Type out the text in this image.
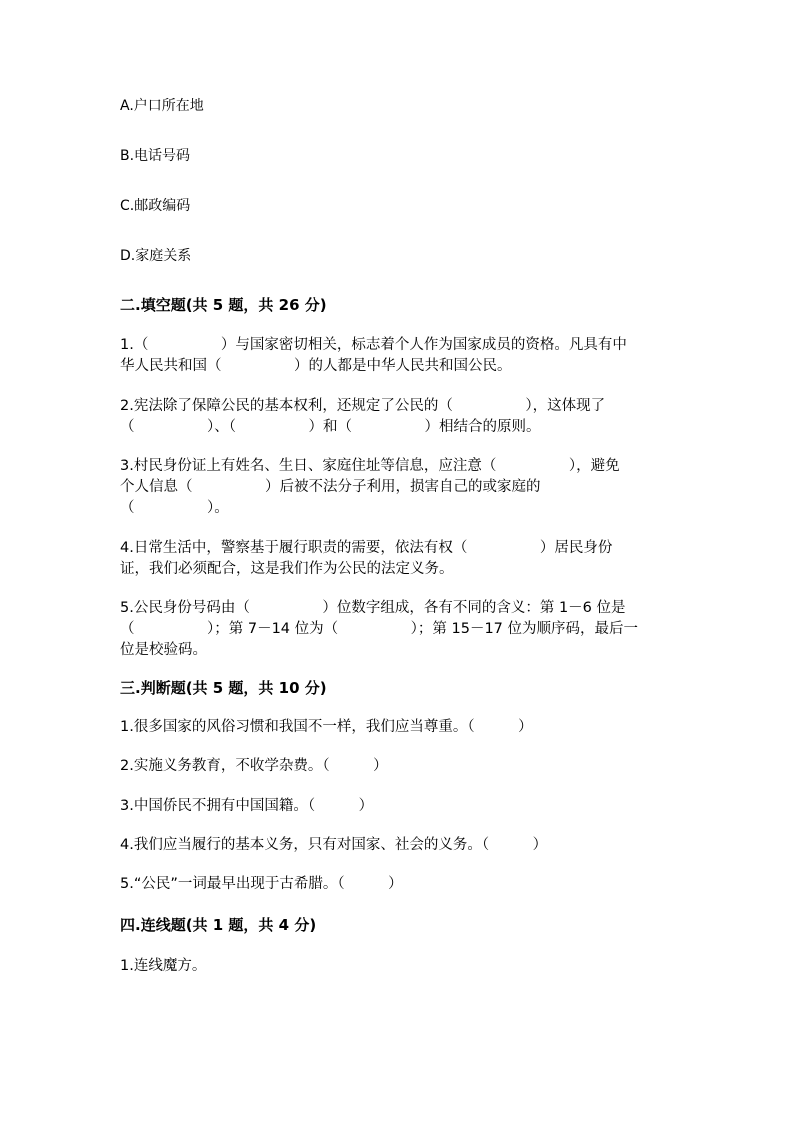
A.户口所在地
B.电话号码
C.邮政编码
D.家庭关系
二.填空题(共 5 题，共 26 分)
1.（　　　　　）与国家密切相关，标志着个人作为国家成员的资格。凡具有中
华人民共和国（　　　　　）的人都是中华人民共和国公民。
2.宪法除了保障公民的基本权利，还规定了公民的（　　　　　），这体现了
（　　　　　）、（　　　　　）和（　　　　　）相结合的原则。
3.村民身份证上有姓名、生日、家庭住址等信息，应注意（　　　　　），避免
个人信息（　　　　　）后被不法分子利用，损害自己的或家庭的
（　　　　　）。
4.日常生活中，警察基于履行职责的需要，依法有权（　　　　　）居民身份
证，我们必须配合，这是我们作为公民的法定义务。
5.公民身份号码由（　　　　　）位数字组成，各有不同的含义：第 1－6 位是
（　　　　　）；第 7－14 位为（　　　　　）；第 15－17 位为顺序码，最后一
位是校验码。
三.判断题(共 5 题，共 10 分)
1.很多国家的风俗习惯和我国不一样，我们应当尊重。（　　　）
2.实施义务教育，不收学杂费。（　　　）
3.中国侨民不拥有中国国籍。（　　　）
4.我们应当履行的基本义务，只有对国家、社会的义务。（　　　）
5.“公民”一词最早出现于古希腊。（　　　）
四.连线题(共 1 题，共 4 分)
1.连线魔方。
